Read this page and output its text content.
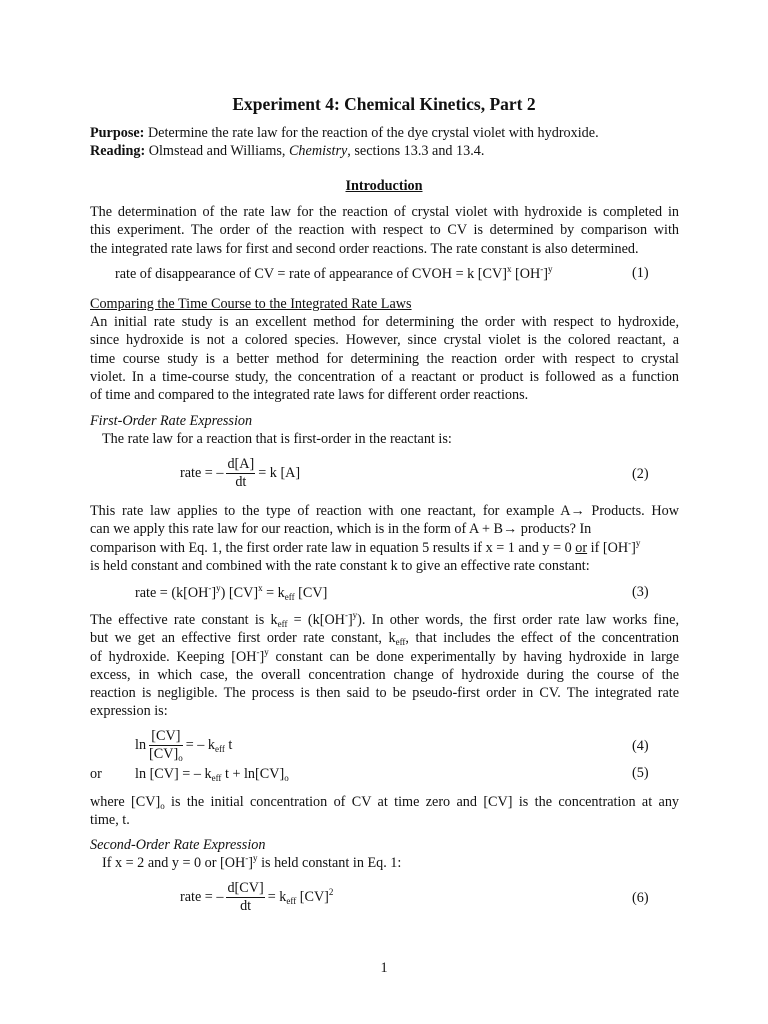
Experiment 4: Chemical Kinetics, Part 2
Purpose: Determine the rate law for the reaction of the dye crystal violet with hydroxide.
Reading: Olmstead and Williams, Chemistry, sections 13.3 and 13.4.
Introduction
The determination of the rate law for the reaction of crystal violet with hydroxide is completed in
this experiment. The order of the reaction with respect to CV is determined by comparison with
the integrated rate laws for first and second order reactions. The rate constant is also determined.
rate of disappearance of CV = rate of appearance of CVOH = k [CV]$^x$ $[OH^-]^y$	(1)
Comparing the Time Course to the Integrated Rate Laws
An initial rate study is an excellent method for determining the order with respect to hydroxide,
since hydroxide is not a colored species. However, since crystal violet is the colored reactant, a
time course study is a better method for determining the reaction order with respect to crystal
violet. In a time-course study, the concentration of a reactant or product is followed as a function
of time and compared to the integrated rate laws for different order reactions.
First-Order Rate Expression
The rate law for a reaction that is first-order in the reactant is:
rate = – $\frac{d[A]}{dt} = k$ [A]	(2)
This rate law applies to the type of reaction with one reactant, for example A→ Products. How
can we apply this rate law for our reaction, which is in the form of A + B→ products? In
comparison with Eq. 1, the first order rate law in equation 5 results if x = 1 and y = 0 or if $[OH^-]^y$
is held constant and combined with the rate constant k to give an effective rate constant:
rate = $(k[OH^-]^y) [CV]^x = k_{eff}$ [CV]	(3)
The effective rate constant is $k_{eff} = (k[OH^-]^y)$. In other words, the first order rate law works fine,
but we get an effective first order rate constant, $k_{eff}$, that includes the effect of the concentration
of hydroxide. Keeping $[OH^-]^y$ constant can be done experimentally by having hydroxide in large
excess, in which case, the overall concentration change of hydroxide during the course of the
reaction is negligible. The process is then said to be pseudo-first order in CV. The integrated rate
expression is:
$\ln \frac{[CV]}{[CV]_o}$ = – $k_{eff}$ t	(4)
or ln [CV] = – $k_{eff}$ $t + \ln[CV]_o$	(5)
where $[CV]_o$ is the initial concentration of CV at time zero and [CV] is the concentration at any
time, t.
Second-Order Rate Expression
If x = 2 and y = 0 or $[OH^-]^y$ is held constant in Eq. 1:
rate = – $\frac{d[CV]}{dt} = k_{eff}$ [CV]$^2$	(6)
1
